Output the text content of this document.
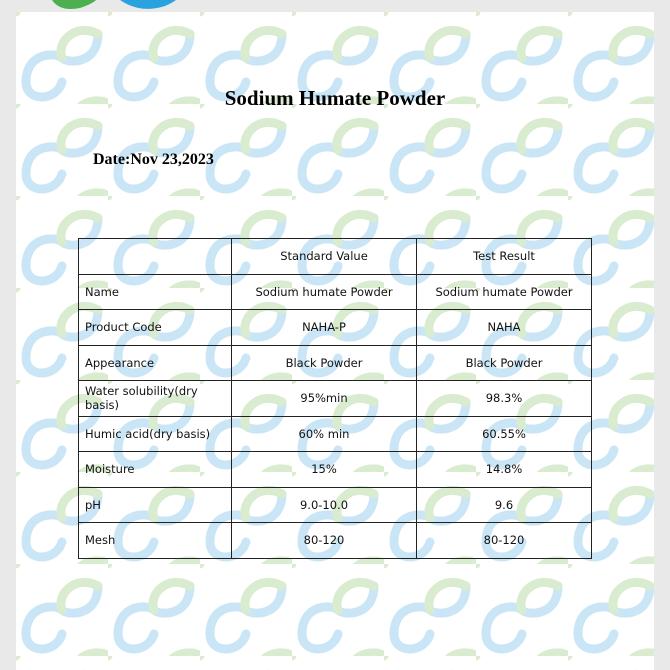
Sodium Humate Powder
Date:Nov 23,2023
	Standard Value	Test Result
Name	Sodium humate Powder	Sodium humate Powder
Product Code	NAHA-P	NAHA
Appearance	Black Powder	Black Powder
Water solubility(dry basis)	95%min	98.3%
Humic acid(dry basis)	60% min	60.55%
Moisture	15%	14.8%
pH	9.0-10.0	9.6
Mesh	80-120	80-120
